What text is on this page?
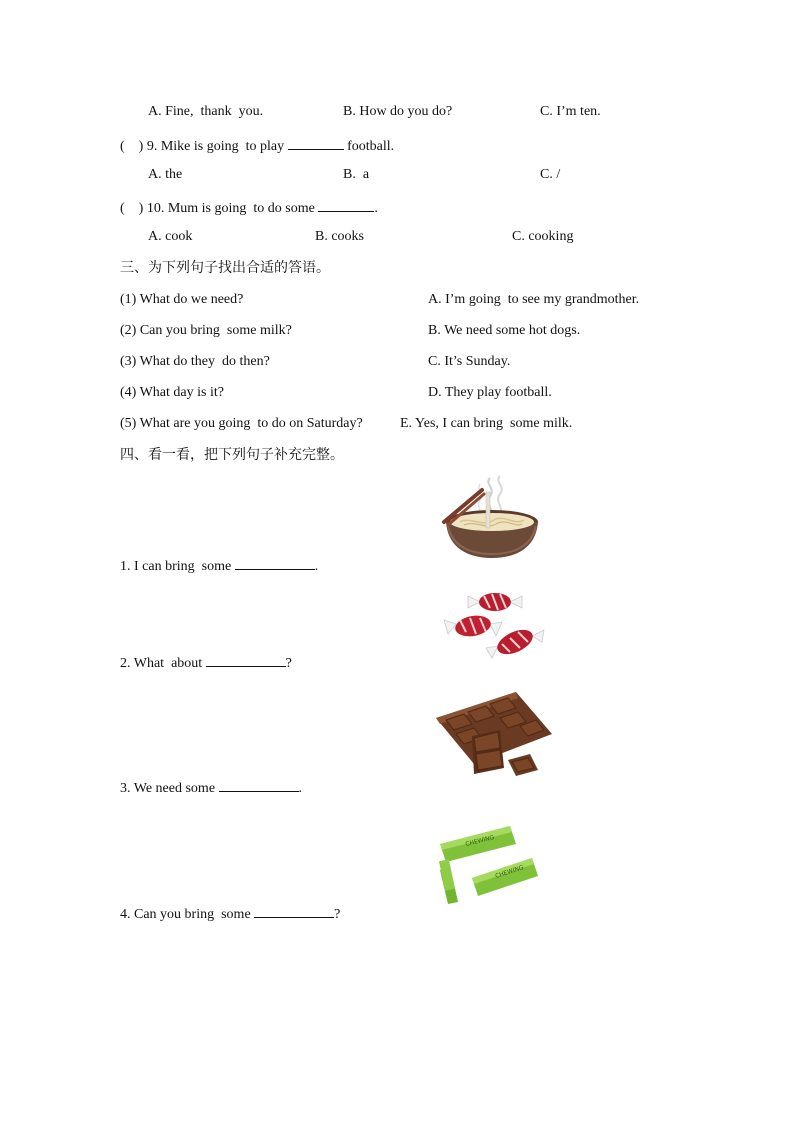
A. Fine,  thank  you.	B. How do you do?	C. I’m ten.
(    ) 9. Mike is going  to play	football.
A. the	B.  a	C. /
(    ) 10. Mum is going  to do some	.
A. cook	B. cooks	C. cooking
三、为下列句子找出合适的答语。
(1) What do we need?	A. I’m going  to see my grandmother.
(2) Can you bring  some milk?	B. We need some hot dogs.
(3) What do they  do then?	C. It’s Sunday.
(4) What day is it?	D. They play football.
(5) What are you going  to do on Saturday?	E. Yes, I can bring  some milk.
四、看一看，把下列句子补充完整。
1. I can bring  some	.
2. What  about	?
3. We need some	.
CHEWING
CHEWING
4. Can you bring  some	?
